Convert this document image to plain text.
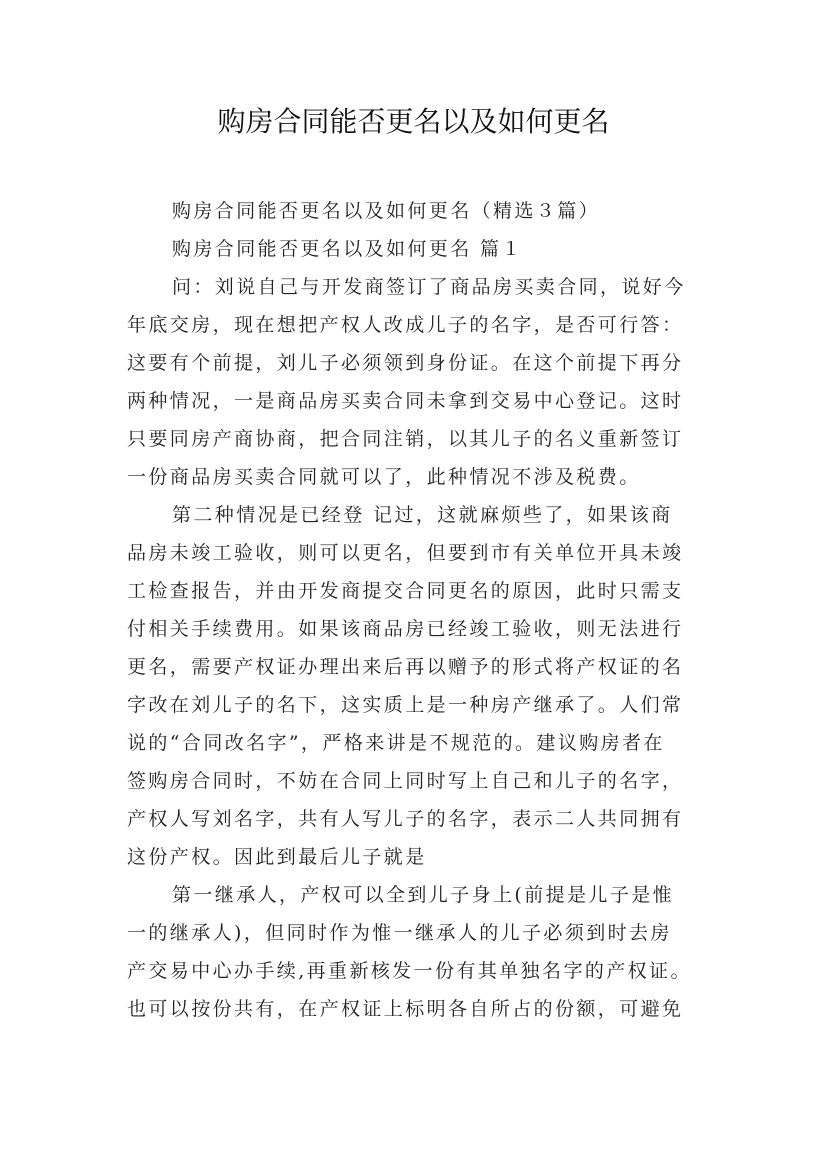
购房合同能否更名以及如何更名
购房合同能否更名以及如何更名（精选３篇）
购房合同能否更名以及如何更名 篇１
问：刘说自己与开发商签订了商品房买卖合同，说好今
年底交房，现在想把产权人改成儿子的名字，是否可行答：
这要有个前提，刘儿子必须领到身份证。在这个前提下再分
两种情况，一是商品房买卖合同未拿到交易中心登记。这时
只要同房产商协商，把合同注销，以其儿子的名义重新签订
一份商品房买卖合同就可以了，此种情况不涉及税费。
第二种情况是已经登 记过，这就麻烦些了，如果该商
品房未竣工验收，则可以更名，但要到市有关单位开具未竣
工检查报告，并由开发商提交合同更名的原因，此时只需支
付相关手续费用。如果该商品房已经竣工验收，则无法进行
更名，需要产权证办理出来后再以赠予的形式将产权证的名
字改在刘儿子的名下，这实质上是一种房产继承了。人们常
说的“合同改名字”，严格来讲是不规范的。建议购房者在
签购房合同时，不妨在合同上同时写上自己和儿子的名字，
产权人写刘名字，共有人写儿子的名字，表示二人共同拥有
这份产权。因此到最后儿子就是
第一继承人，产权可以全到儿子身上(前提是儿子是惟
一的继承人)，但同时作为惟一继承人的儿子必须到时去房
产交易中心办手续,再重新核发一份有其单独名字的产权证。
也可以按份共有，在产权证上标明各自所占的份额，可避免
